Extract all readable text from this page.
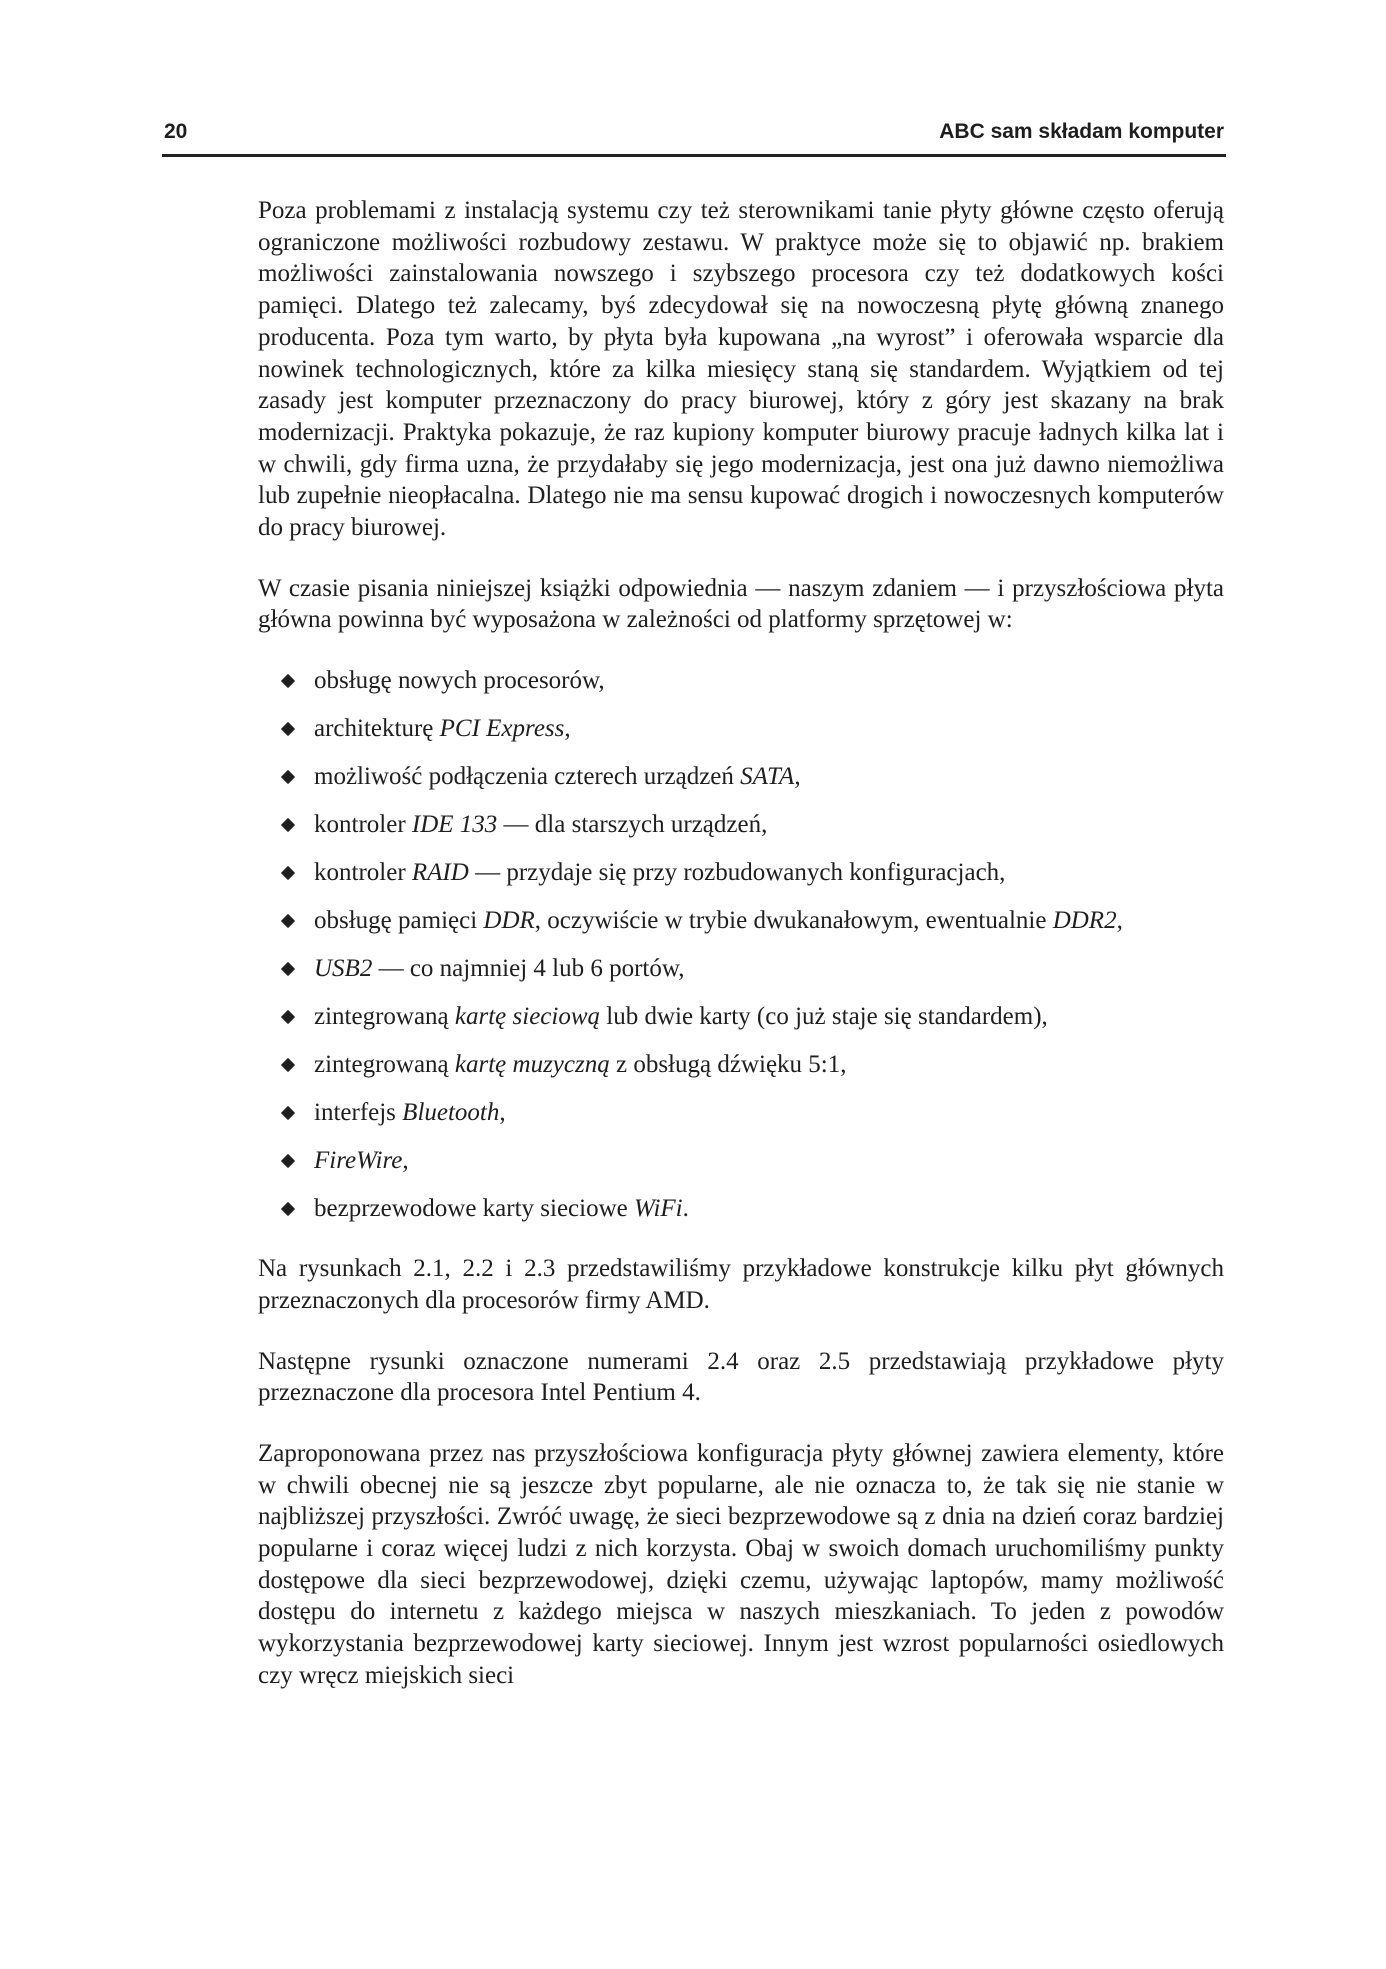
20	ABC sam składam komputer

Poza problemami z instalacją systemu czy też sterownikami tanie płyty główne często oferują ograniczone możliwości rozbudowy zestawu. W praktyce może się to objawić np. brakiem możliwości zainstalowania nowszego i szybszego procesora czy też dodatkowych kości pamięci. Dlatego też zalecamy, byś zdecydował się na nowoczesną płytę główną znanego producenta. Poza tym warto, by płyta była kupowana „na wyrost” i oferowała wsparcie dla nowinek technologicznych, które za kilka miesięcy staną się standardem. Wyjątkiem od tej zasady jest komputer przeznaczony do pracy biurowej, który z góry jest skazany na brak modernizacji. Praktyka pokazuje, że raz kupiony komputer biurowy pracuje ładnych kilka lat i w chwili, gdy firma uzna, że przydałaby się jego modernizacja, jest ona już dawno niemożliwa lub zupełnie nieopłacalna. Dlatego nie ma sensu kupować drogich i nowoczesnych komputerów do pracy biurowej.

W czasie pisania niniejszej książki odpowiednia — naszym zdaniem — i przyszłościowa płyta główna powinna być wyposażona w zależności od platformy sprzętowej w:

obsługę nowych procesorów,
architekturę PCI Express,
możliwość podłączenia czterech urządzeń SATA,
kontroler IDE 133 — dla starszych urządzeń,
kontroler RAID — przydaje się przy rozbudowanych konfiguracjach,
obsługę pamięci DDR, oczywiście w trybie dwukanałowym, ewentualnie DDR2,
USB2 — co najmniej 4 lub 6 portów,
zintegrowaną kartę sieciową lub dwie karty (co już staje się standardem),
zintegrowaną kartę muzyczną z obsługą dźwięku 5:1,
interfejs Bluetooth,
FireWire,
bezprzewodowe karty sieciowe WiFi.

Na rysunkach 2.1, 2.2 i 2.3 przedstawiliśmy przykładowe konstrukcje kilku płyt głównych przeznaczonych dla procesorów firmy AMD.

Następne rysunki oznaczone numerami 2.4 oraz 2.5 przedstawiają przykładowe płyty przeznaczone dla procesora Intel Pentium 4.

Zaproponowana przez nas przyszłościowa konfiguracja płyty głównej zawiera elementy, które w chwili obecnej nie są jeszcze zbyt popularne, ale nie oznacza to, że tak się nie stanie w najbliższej przyszłości. Zwróć uwagę, że sieci bezprzewodowe są z dnia na dzień coraz bardziej popularne i coraz więcej ludzi z nich korzysta. Obaj w swoich domach uruchomiliśmy punkty dostępowe dla sieci bezprzewodowej, dzięki czemu, używając laptopów, mamy możliwość dostępu do internetu z każdego miejsca w naszych mieszkaniach. To jeden z powodów wykorzystania bezprzewodowej karty sieciowej. Innym jest wzrost popularności osiedlowych czy wręcz miejskich sieci
